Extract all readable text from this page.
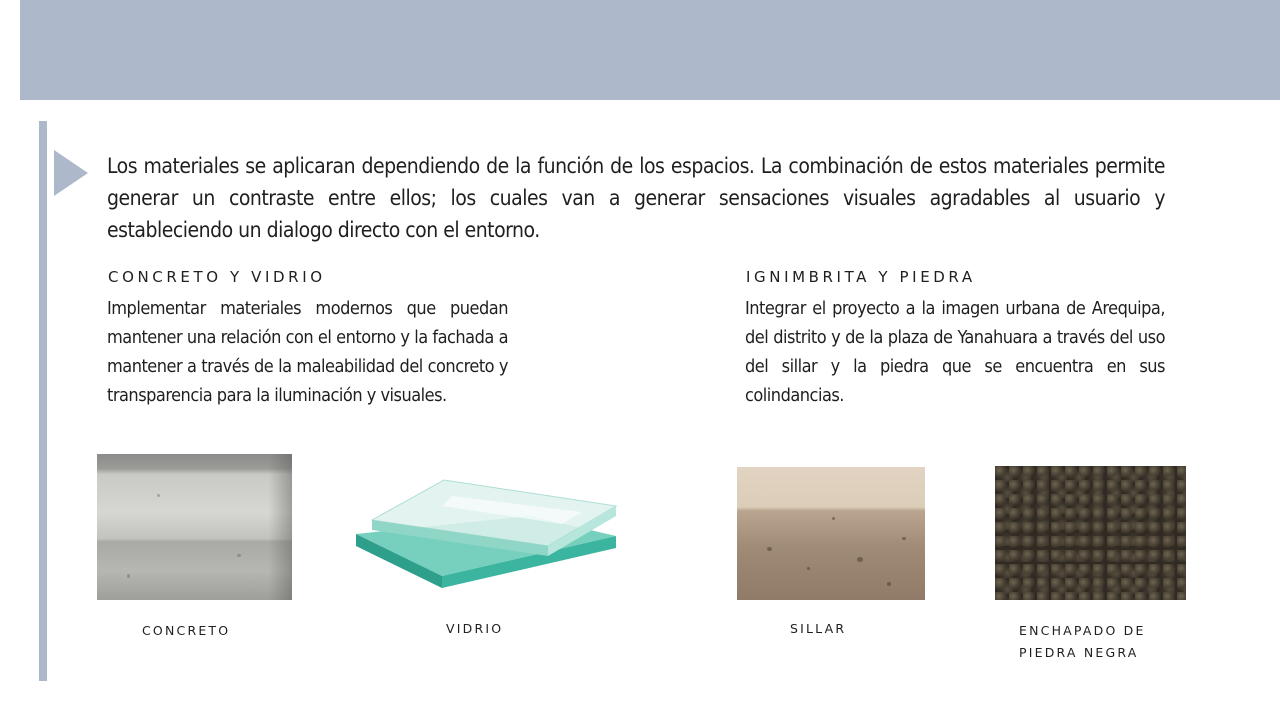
Los materiales se aplicaran dependiendo de la función de los espacios. La combinación de estos materiales permite generar un contraste entre ellos; los cuales van a generar sensaciones visuales agradables al usuario y estableciendo un dialogo directo con el entorno.

CONCRETO Y VIDRIO

Implementar materiales modernos que puedan mantener una relación con el entorno y la fachada a mantener a través de la maleabilidad del concreto y transparencia para la iluminación y visuales.

IGNIMBRITA Y PIEDRA

Integrar el proyecto a la imagen urbana de Arequipa, del distrito y de la plaza de Yanahuara a través del uso del sillar y la piedra que se encuentra en sus colindancias.

CONCRETO	VIDRIO	SILLAR	ENCHAPADO DE PIEDRA NEGRA
